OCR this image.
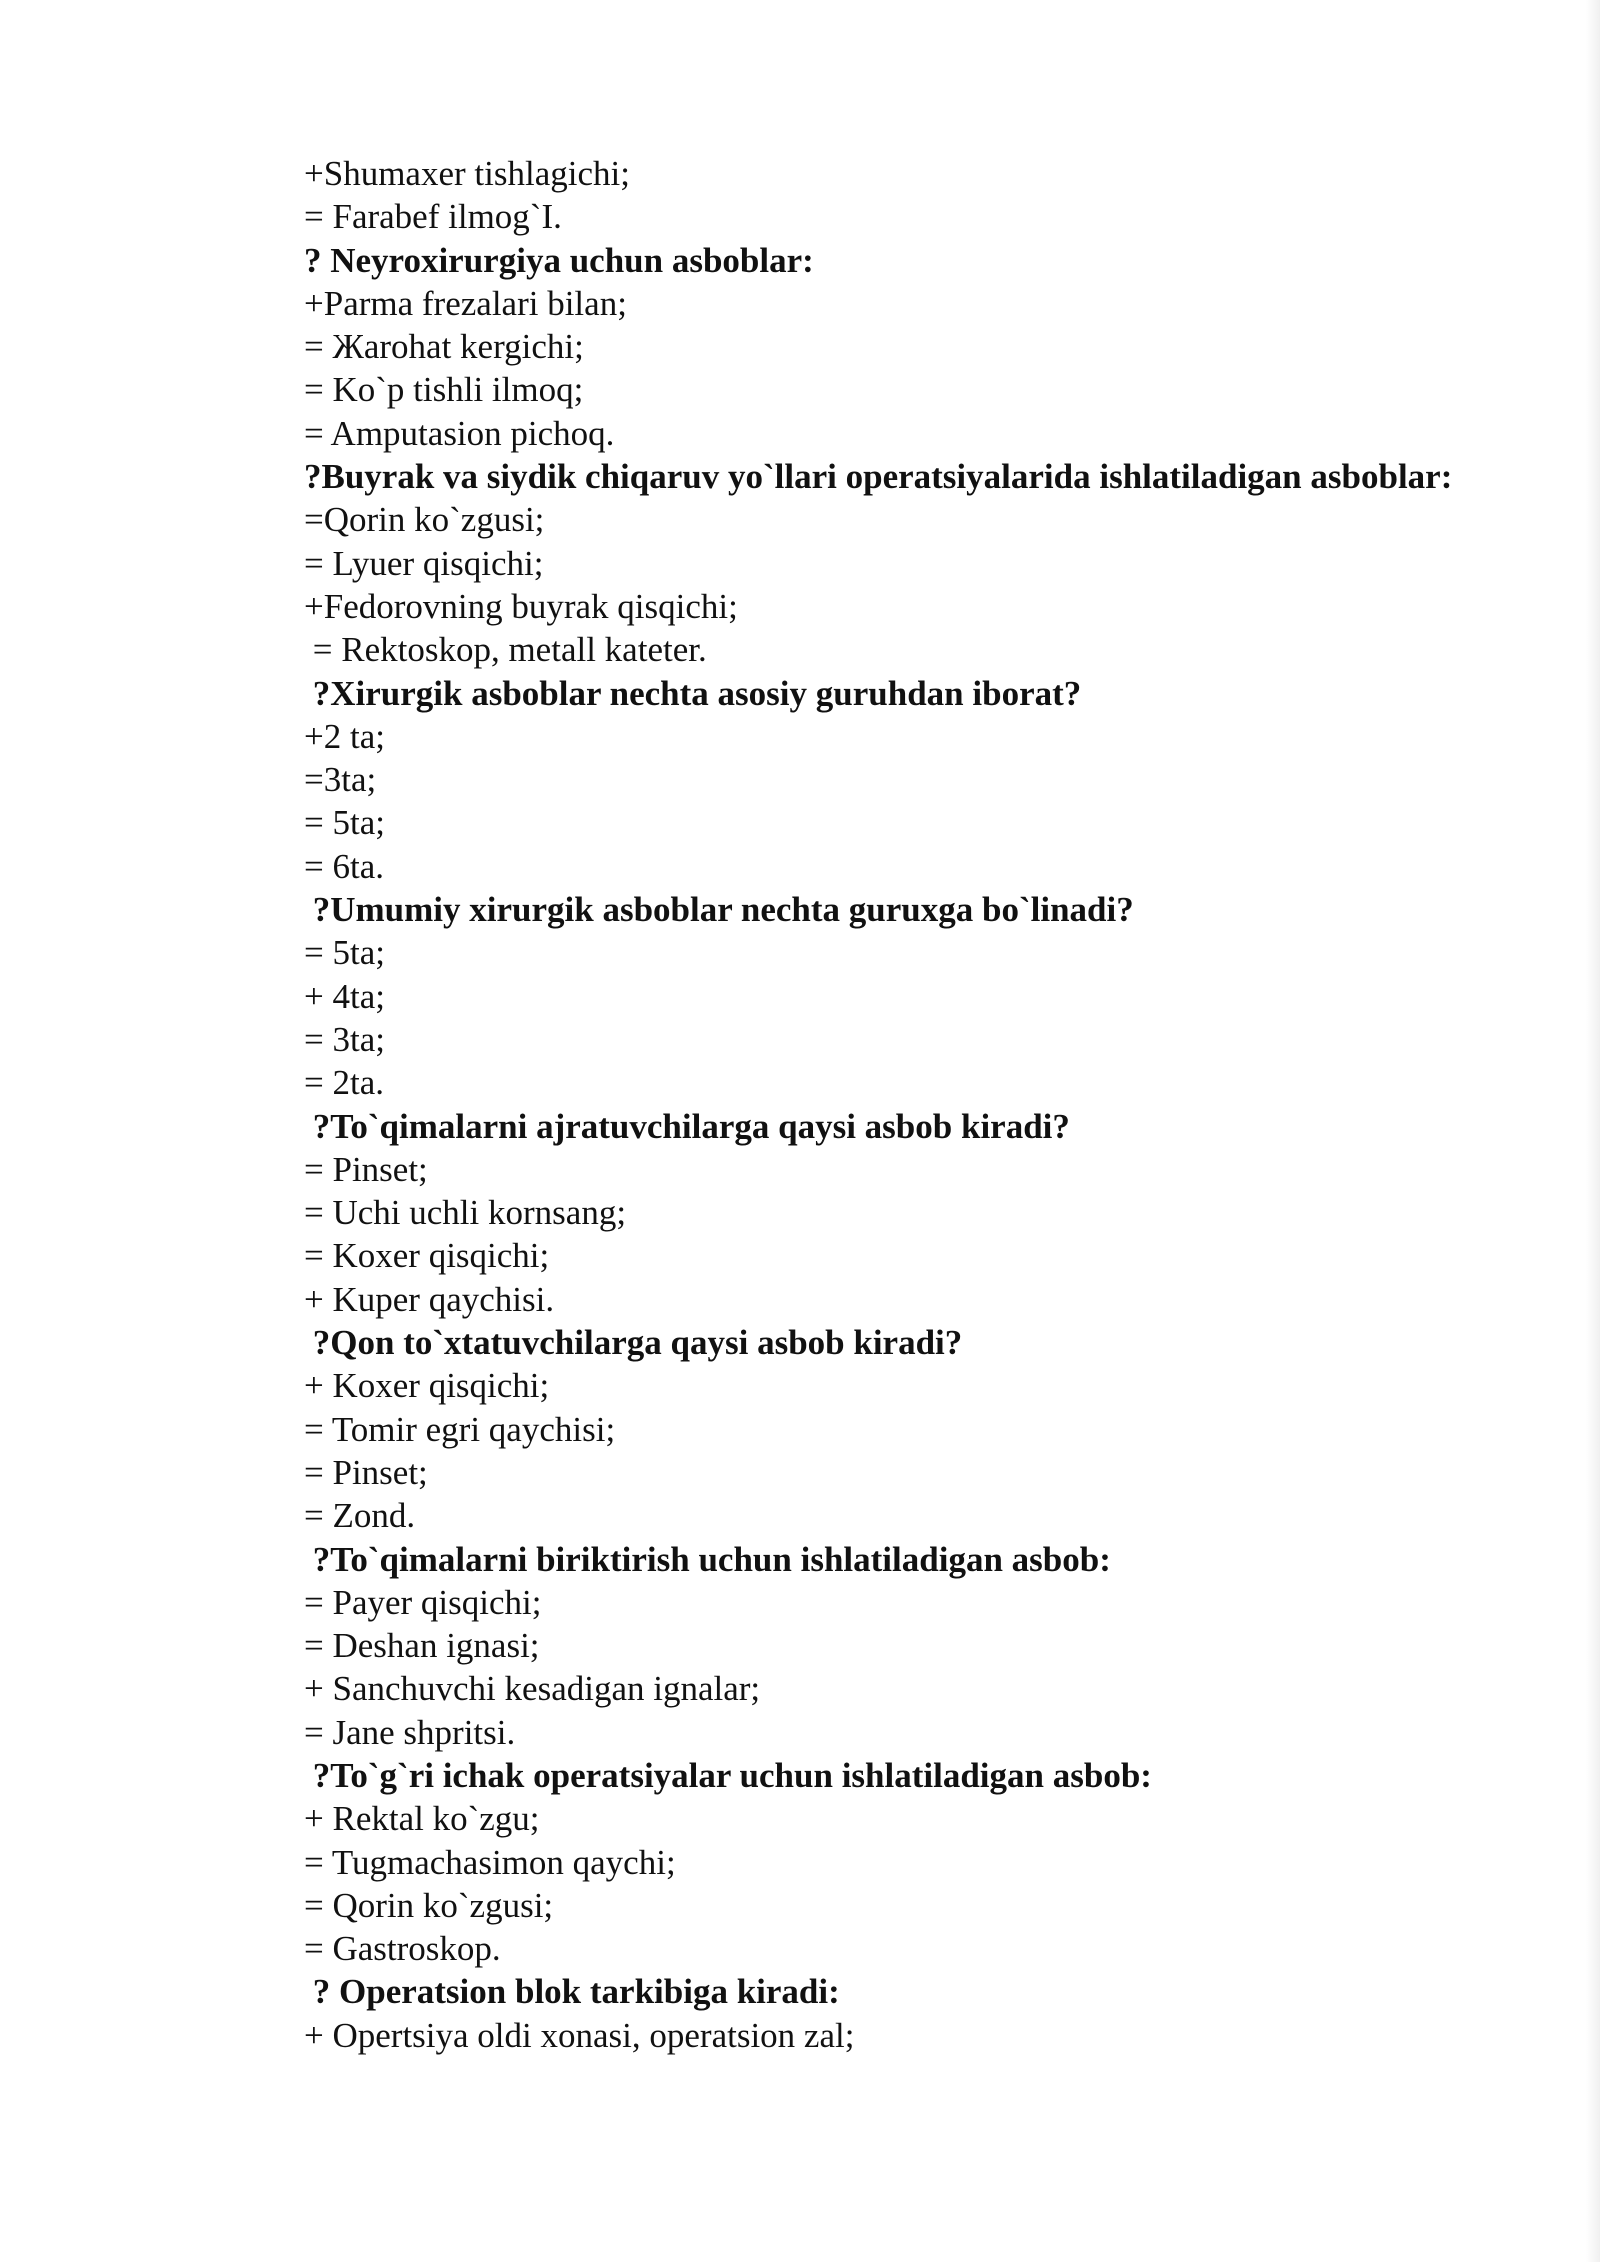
+Shumaxer tishlagichi;
= Farabef ilmog`I.
? Neyroxirurgiya uchun asboblar:
+Parma frezalari bilan;
= Жarohat kergichi;
= Ko`p tishli ilmoq;
= Amputasion pichoq.
?Buyrak va siydik chiqaruv yo`llari operatsiyalarida ishlatiladigan asboblar:
=Qorin ko`zgusi;
= Lyuer qisqichi;
+Fedorovning buyrak qisqichi;
= Rektoskop, metall kateter.
?Xirurgik asboblar nechta asosiy guruhdan iborat?
+2 ta;
=3ta;
= 5ta;
= 6ta.
?Umumiy xirurgik asboblar nechta guruxga bo`linadi?
= 5ta;
+ 4ta;
= 3ta;
= 2ta.
?To`qimalarni ajratuvchilarga qaysi asbob kiradi?
= Pinset;
= Uchi uchli kornsang;
= Koxer qisqichi;
+ Kuper qaychisi.
?Qon to`xtatuvchilarga qaysi asbob kiradi?
+ Koxer qisqichi;
= Tomir egri qaychisi;
= Pinset;
= Zond.
?To`qimalarni biriktirish uchun ishlatiladigan asbob:
= Payer qisqichi;
= Deshan ignasi;
+ Sanchuvchi kesadigan ignalar;
= Jane shpritsi.
?To`g`ri ichak operatsiyalar uchun ishlatiladigan asbob:
+ Rektal ko`zgu;
= Tugmachasimon qaychi;
= Qorin ko`zgusi;
= Gastroskop.
? Operatsion blok tarkibiga kiradi:
+ Opertsiya oldi xonasi, operatsion zal;
